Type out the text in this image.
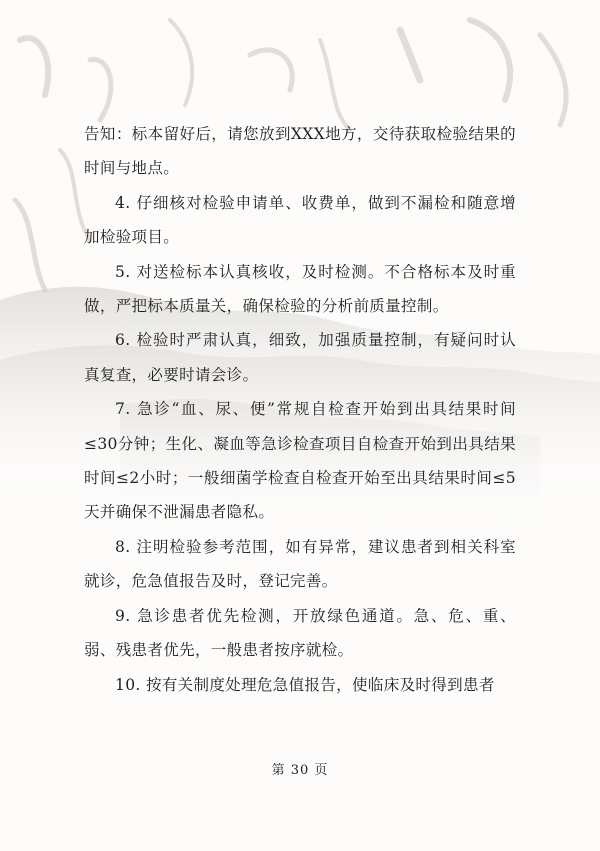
告知：标本留好后，请您放到XXX地方，交待获取检验结果的时间与地点。

4. 仔细核对检验申请单、收费单，做到不漏检和随意增加检验项目。

5. 对送检标本认真核收，及时检测。不合格标本及时重做，严把标本质量关，确保检验的分析前质量控制。

6. 检验时严肃认真，细致，加强质量控制，有疑问时认真复查，必要时请会诊。

7. 急诊“血、尿、便”常规自检查开始到出具结果时间≤30分钟；生化、凝血等急诊检查项目自检查开始到出具结果时间≤2小时；一般细菌学检查自检查开始至出具结果时间≤5天并确保不泄漏患者隐私。

8. 注明检验参考范围，如有异常，建议患者到相关科室就诊，危急值报告及时，登记完善。

9. 急诊患者优先检测，开放绿色通道。急、危、重、弱、残患者优先，一般患者按序就检。

10. 按有关制度处理危急值报告，使临床及时得到患者

第 30 页
